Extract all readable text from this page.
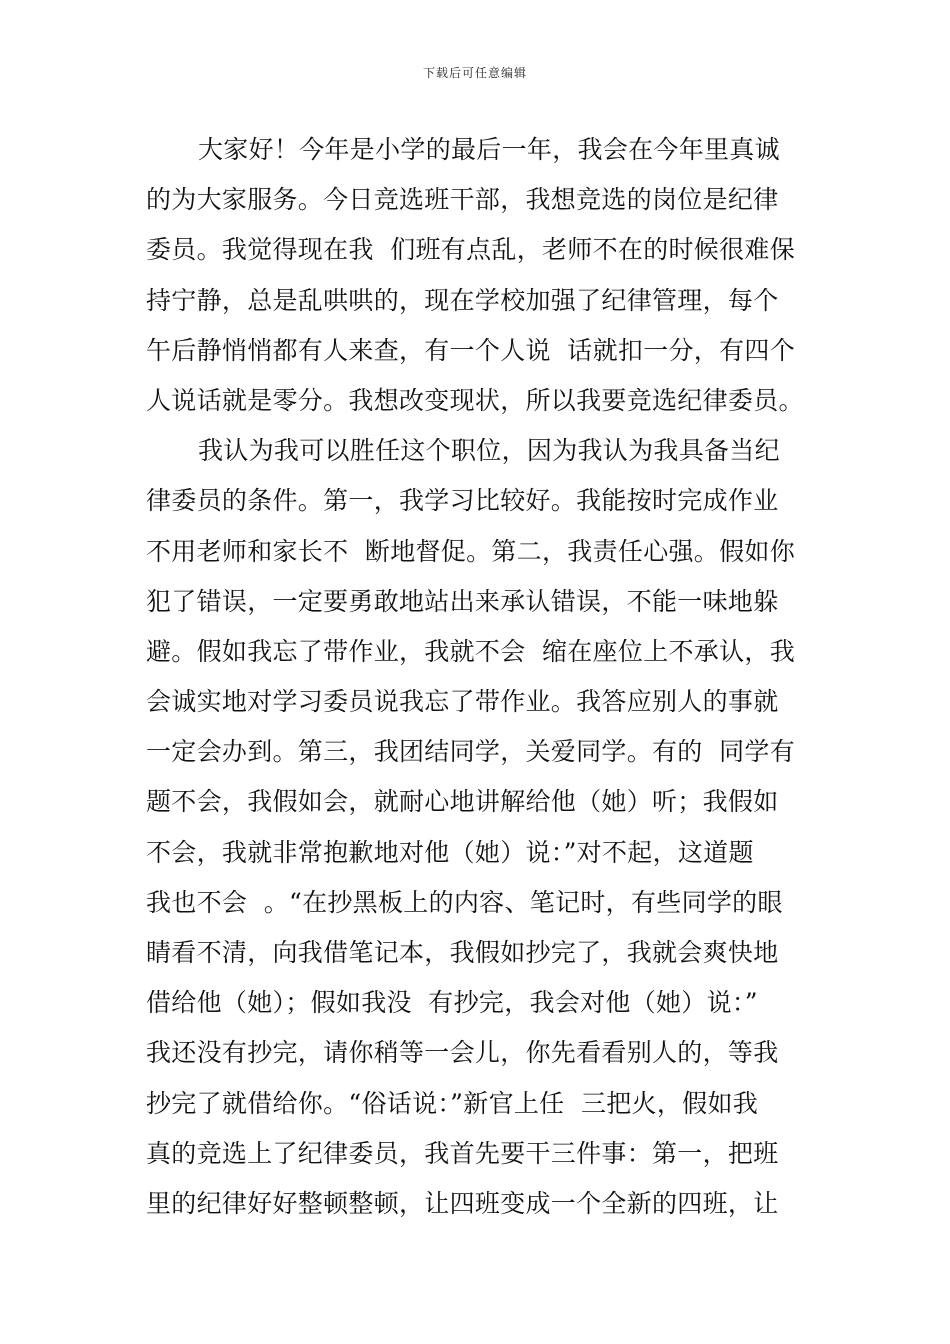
下载后可任意编辑
大家好！今年是小学的最后一年，我会在今年里真诚
的为大家服务。今日竞选班干部，我想竞选的岗位是纪律
委员。我觉得现在我  们班有点乱，老师不在的时候很难保
持宁静，总是乱哄哄的，现在学校加强了纪律管理，每个
午后静悄悄都有人来查，有一个人说  话就扣一分，有四个
人说话就是零分。我想改变现状，所以我要竞选纪律委员。
我认为我可以胜任这个职位，因为我认为我具备当纪
律委员的条件。第一，我学习比较好。我能按时完成作业
不用老师和家长不  断地督促。第二，我责任心强。假如你
犯了错误，一定要勇敢地站出来承认错误，不能一味地躲
避。假如我忘了带作业，我就不会  缩在座位上不承认，我
会诚实地对学习委员说我忘了带作业。我答应别人的事就
一定会办到。第三，我团结同学，关爱同学。有的  同学有
题不会，我假如会，就耐心地讲解给他（她）听；我假如
不会，我就非常抱歉地对他（她）说：”对不起，这道题
我也不会  。“在抄黑板上的内容、笔记时，有些同学的眼
睛看不清，向我借笔记本，我假如抄完了，我就会爽快地
借给他（她）；假如我没  有抄完，我会对他（她）说：”
我还没有抄完，请你稍等一会儿，你先看看别人的，等我
抄完了就借给你。“俗话说：”新官上任  三把火，假如我
真的竞选上了纪律委员，我首先要干三件事：第一，把班
里的纪律好好整顿整顿，让四班变成一个全新的四班，让
